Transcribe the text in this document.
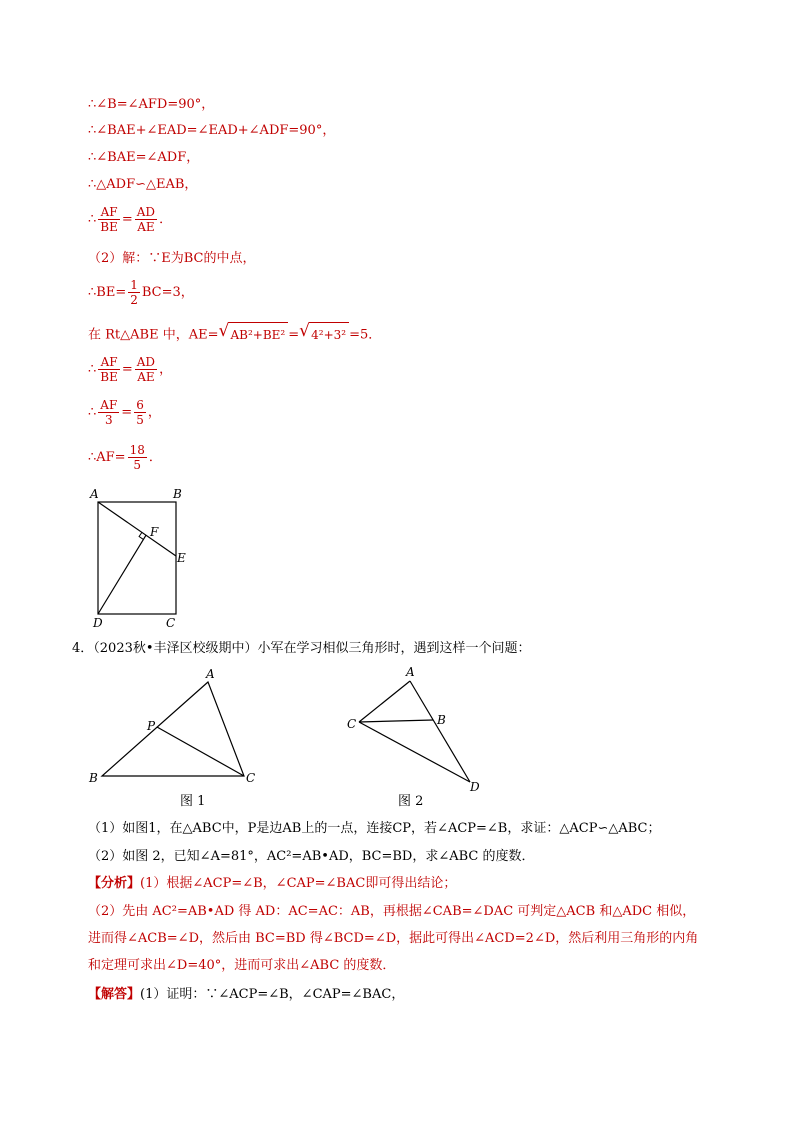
∴∠B=∠AFD=90°，
∴∠BAE+∠EAD=∠EAD+∠ADF=90°，
∴∠BAE=∠ADF，
∴△ADF∽△EAB，
∴ $\frac{AF}{BE} = \frac{AD}{AE}$ ．
（2）解：∵E为BC的中点，
∴BE= $\frac{1}{2} BC=3$，
在 Rt△ABE 中，AE= √ AB²+BE² = √ 4²+3² =5．
∴ $\frac{AF}{BE} = \frac{AD}{AE}$ ，
∴ $\frac{AF}{3} = \frac{6}{5}$ ，
∴AF= $\frac{18}{5}$ ．
A	B
F
E
D	C
4．（2023秋•丰泽区校级期中）小军在学习相似三角形时，遇到这样一个问题：
A
P
B	C
图 1
A
C	B
D
图 2
（1）如图1，在△ABC中，P是边AB上的一点，连接CP，若∠ACP=∠B，求证：△ACP∽△ABC；
（2）如图 2，已知∠A=81°，AC²=AB•AD，BC=BD，求∠ABC 的度数．
【分析】(1）根据∠ACP=∠B，∠CAP=∠BAC即可得出结论；
（2）先由 AC²=AB•AD 得 AD：AC=AC：AB，再根据∠CAB=∠DAC 可判定△ACB 和△ADC 相似，进而得∠ACB=∠D，然后由 BC=BD 得∠BCD=∠D，据此可得出∠ACD=2∠D，然后利用三角形的内角和定理可求出∠D=40°，进而可求出∠ABC 的度数．
【解答】(1）证明：∵∠ACP=∠B，∠CAP=∠BAC，
